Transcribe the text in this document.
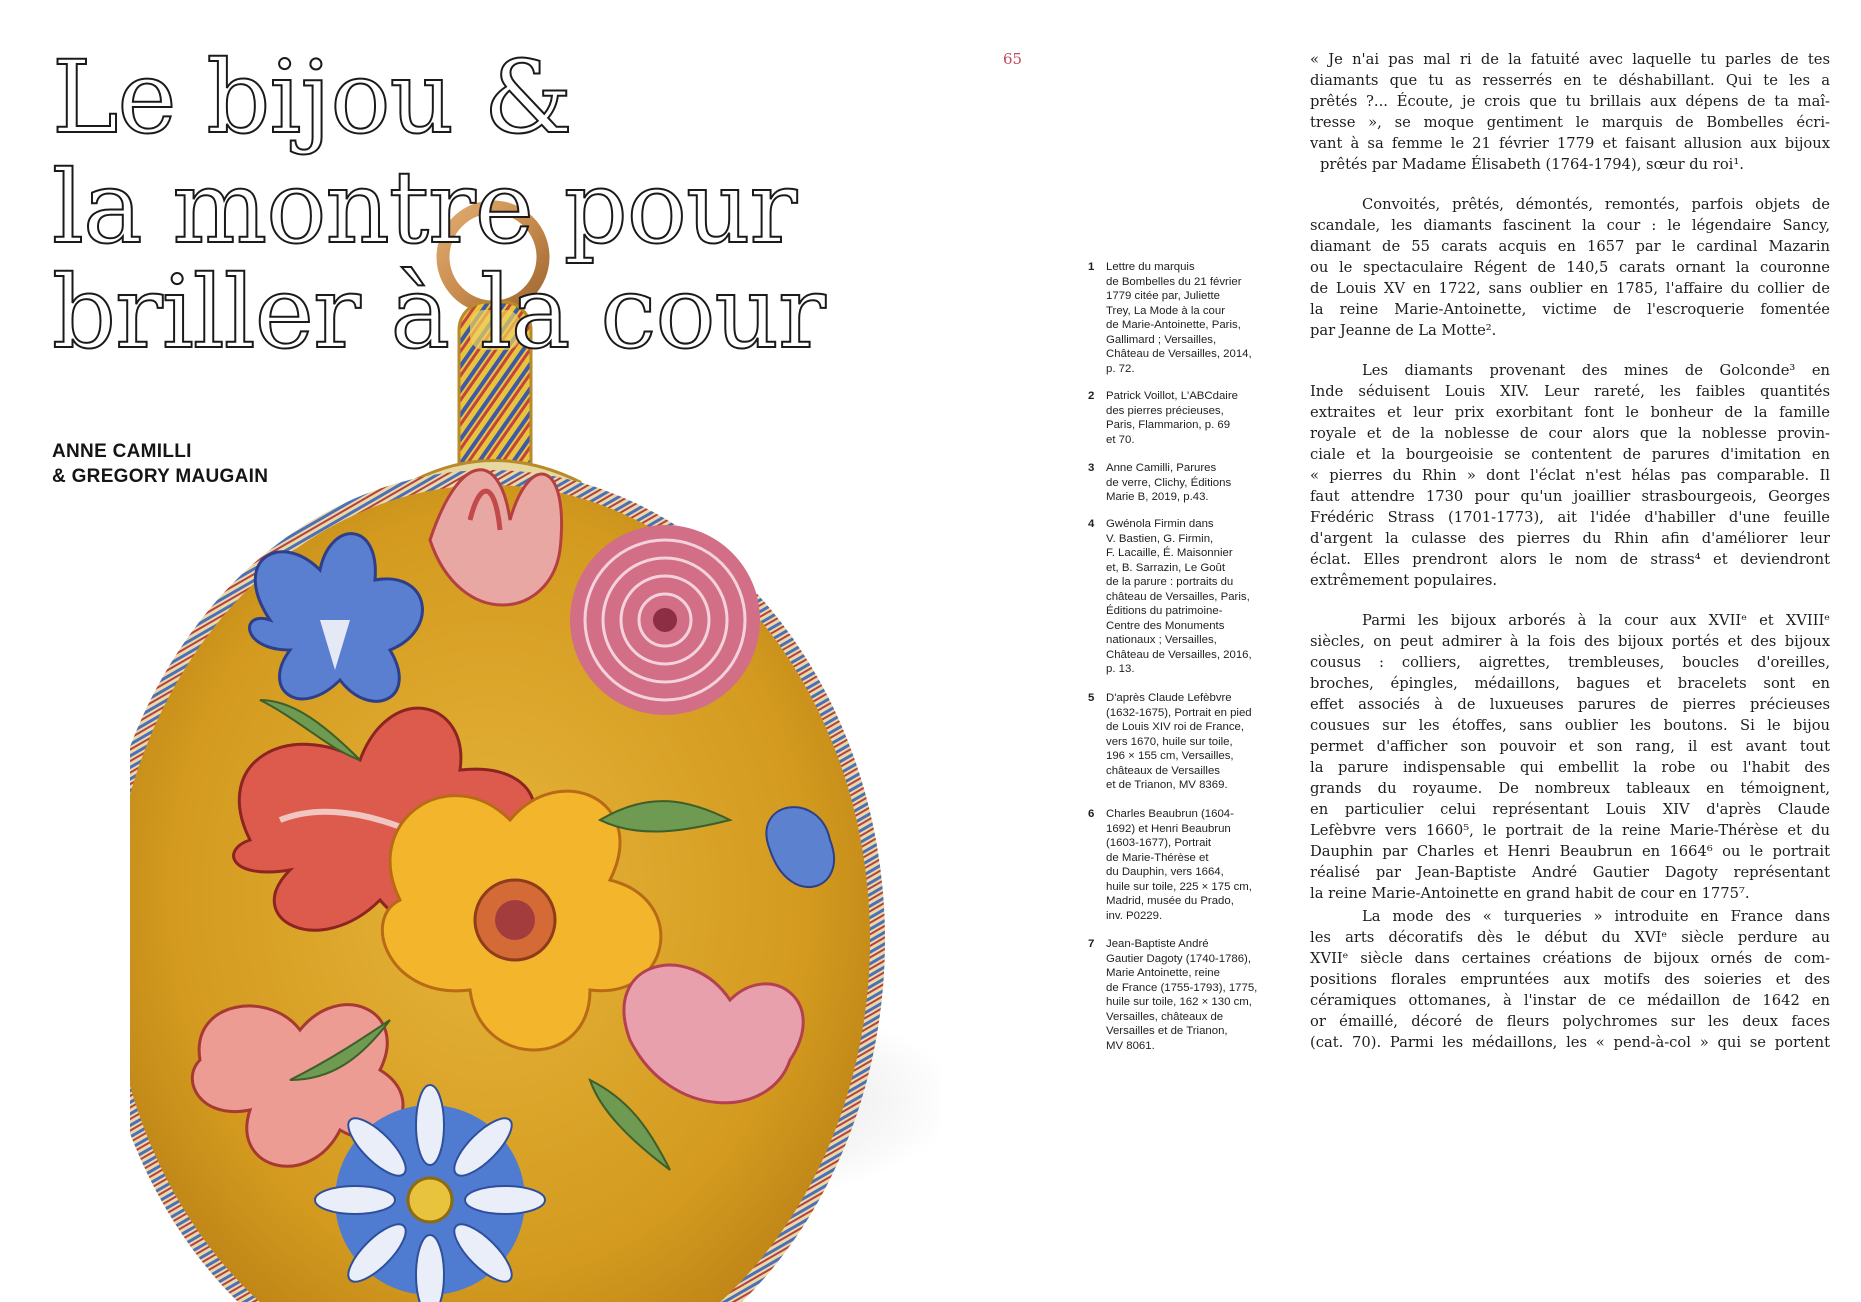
Le bijou &
la montre pour
briller à la cour

ANNE CAMILLI

& GREGORY MAUGAIN

65

1 Lettre du marquis
de Bombelles du 21 février
1779 citée par, Juliette
Trey, La Mode à la cour
de Marie-Antoinette, Paris,
Gallimard ; Versailles,
Château de Versailles, 2014,
p. 72.
2 Patrick Voillot, L'ABCdaire
des pierres précieuses,
Paris, Flammarion, p. 69
et 70.
3 Anne Camilli, Parures
de verre, Clichy, Éditions
Marie B, 2019, p.43.
4 Gwénola Firmin dans
V. Bastien, G. Firmin,
F. Lacaille, É. Maisonnier
et, B. Sarrazin, Le Goût
de la parure : portraits du
château de Versailles, Paris,
Éditions du patrimoine-
Centre des Monuments
nationaux ; Versailles,
Château de Versailles, 2016,
p. 13.
5 D'après Claude Lefèbvre
(1632-1675), Portrait en pied
de Louis XIV roi de France,
vers 1670, huile sur toile,
196 × 155 cm, Versailles,
châteaux de Versailles
et de Trianon, MV 8369.
6 Charles Beaubrun (1604-
1692) et Henri Beaubrun
(1603-1677), Portrait
de Marie-Thérèse et
du Dauphin, vers 1664,
huile sur toile, 225 × 175 cm,
Madrid, musée du Prado,
inv. P0229.
7 Jean-Baptiste André
Gautier Dagoty (1740-1786),
Marie Antoinette, reine
de France (1755-1793), 1775,
huile sur toile, 162 × 130 cm,
Versailles, châteaux de
Versailles et de Trianon,
MV 8061.
« Je n'ai pas mal ri de la fatuité avec laquelle tu parles de tes
diamants que tu as resserrés en te déshabillant. Qui te les a
prêtés ?... Écoute, je crois que tu brillais aux dépens de ta maî-
tresse », se moque gentiment le marquis de Bombelles écri-
vant à sa femme le 21 février 1779 et faisant allusion aux bijoux
prêtés par Madame Élisabeth (1764-1794), sœur du roi¹.
Convoités, prêtés, démontés, remontés, parfois objets de
scandale, les diamants fascinent la cour : le légendaire Sancy,
diamant de 55 carats acquis en 1657 par le cardinal Mazarin
ou le spectaculaire Régent de 140,5 carats ornant la couronne
de Louis XV en 1722, sans oublier en 1785, l'affaire du collier de
la reine Marie-Antoinette, victime de l'escroquerie fomentée
par Jeanne de La Motte².
Les diamants provenant des mines de Golconde³ en
Inde séduisent Louis XIV. Leur rareté, les faibles quantités
extraites et leur prix exorbitant font le bonheur de la famille
royale et de la noblesse de cour alors que la noblesse provin-
ciale et la bourgeoisie se contentent de parures d'imitation en
« pierres du Rhin » dont l'éclat n'est hélas pas comparable. Il
faut attendre 1730 pour qu'un joaillier strasbourgeois, Georges
Frédéric Strass (1701-1773), ait l'idée d'habiller d'une feuille
d'argent la culasse des pierres du Rhin afin d'améliorer leur
éclat. Elles prendront alors le nom de strass⁴ et deviendront
extrêmement populaires.
Parmi les bijoux arborés à la cour aux XVIIᵉ et XVIIIᵉ
siècles, on peut admirer à la fois des bijoux portés et des bijoux
cousus : colliers, aigrettes, trembleuses, boucles d'oreilles,
broches, épingles, médaillons, bagues et bracelets sont en
effet associés à de luxueuses parures de pierres précieuses
cousues sur les étoffes, sans oublier les boutons. Si le bijou
permet d'afficher son pouvoir et son rang, il est avant tout
la parure indispensable qui embellit la robe ou l'habit des
grands du royaume. De nombreux tableaux en témoignent,
en particulier celui représentant Louis XIV d'après Claude
Lefèbvre vers 1660⁵, le portrait de la reine Marie-Thérèse et du
Dauphin par Charles et Henri Beaubrun en 1664⁶ ou le portrait
réalisé par Jean-Baptiste André Gautier Dagoty représentant
la reine Marie-Antoinette en grand habit de cour en 1775⁷.
La mode des « turqueries » introduite en France dans
les arts décoratifs dès le début du XVIᵉ siècle perdure au
XVIIᵉ siècle dans certaines créations de bijoux ornés de com-
positions florales empruntées aux motifs des soieries et des
céramiques ottomanes, à l'instar de ce médaillon de 1642 en
or émaillé, décoré de fleurs polychromes sur les deux faces
(cat. 70). Parmi les médaillons, les « pend-à-col » qui se portent
